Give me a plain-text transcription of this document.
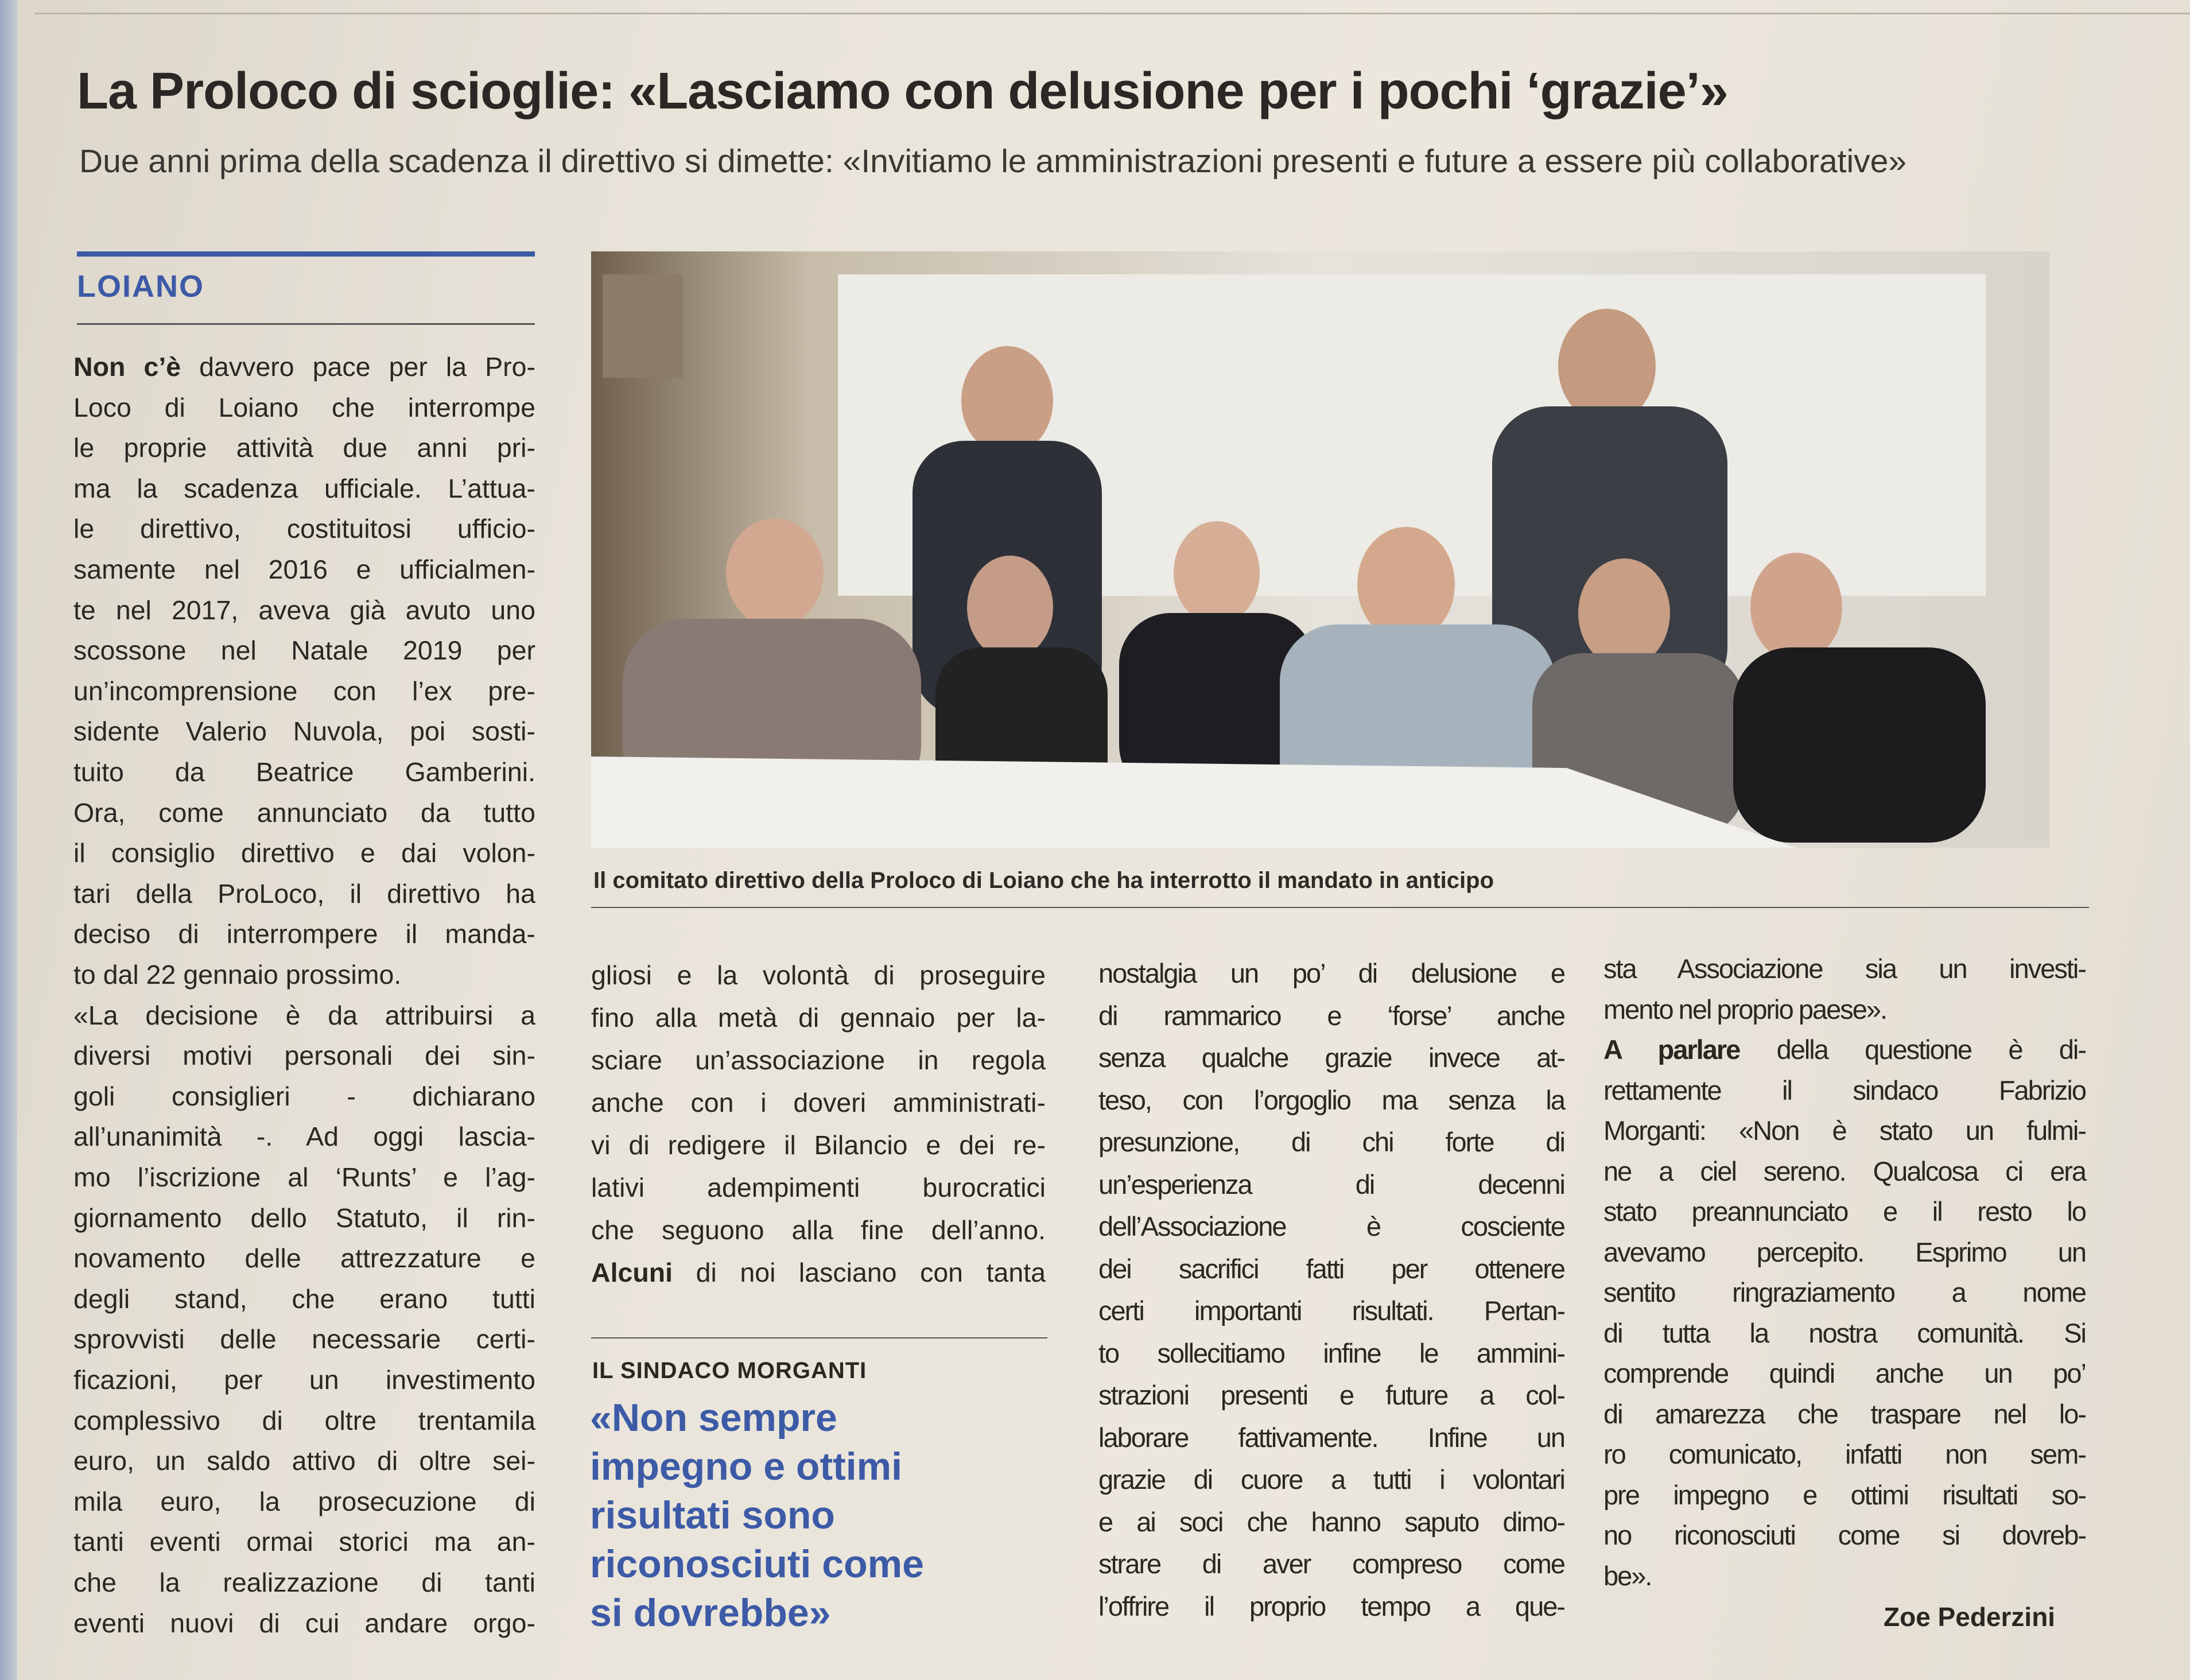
La Proloco di scioglie: «Lasciamo con delusione per i pochi ‘grazie’»
Due anni prima della scadenza il direttivo si dimette: «Invitiamo le amministrazioni presenti e future a essere più collaborative»
LOIANO
Il comitato direttivo della Proloco di Loiano che ha interrotto il mandato in anticipo
Non c’è davvero pace per la Pro-
Loco di Loiano che interrompe
le proprie attività due anni pri-
ma la scadenza ufficiale. L’attua-
le direttivo, costituitosi ufficio-
samente nel 2016 e ufficialmen-
te nel 2017, aveva già avuto uno
scossone nel Natale 2019 per
un’incomprensione con l’ex pre-
sidente Valerio Nuvola, poi sosti-
tuito da Beatrice Gamberini.
Ora, come annunciato da tutto
il consiglio direttivo e dai volon-
tari della ProLoco, il direttivo ha
deciso di interrompere il manda-
to dal 22 gennaio prossimo.
«La decisione è da attribuirsi a
diversi motivi personali dei sin-
goli consiglieri - dichiarano
all’unanimità -. Ad oggi lascia-
mo l’iscrizione al ‘Runts’ e l’ag-
giornamento dello Statuto, il rin-
novamento delle attrezzature e
degli stand, che erano tutti
sprovvisti delle necessarie certi-
ficazioni, per un investimento
complessivo di oltre trentamila
euro, un saldo attivo di oltre sei-
mila euro, la prosecuzione di
tanti eventi ormai storici ma an-
che la realizzazione di tanti
eventi nuovi di cui andare orgo-
gliosi e la volontà di proseguire
fino alla metà di gennaio per la-
sciare un’associazione in regola
anche con i doveri amministrati-
vi di redigere il Bilancio e dei re-
lativi adempimenti burocratici
che seguono alla fine dell’anno.
Alcuni di noi lasciano con tanta
nostalgia un po’ di delusione e
di rammarico e ‘forse’ anche
senza qualche grazie invece at-
teso, con l’orgoglio ma senza la
presunzione, di chi forte di
un’esperienza di decenni
dell’Associazione è cosciente
dei sacrifici fatti per ottenere
certi importanti risultati. Pertan-
to sollecitiamo infine le ammini-
strazioni presenti e future a col-
laborare fattivamente. Infine un
grazie di cuore a tutti i volontari
e ai soci che hanno saputo dimo-
strare di aver compreso come
l’offrire il proprio tempo a que-
sta Associazione sia un investi-
mento nel proprio paese».
A parlare della questione è di-
rettamente il sindaco Fabrizio
Morganti: «Non è stato un fulmi-
ne a ciel sereno. Qualcosa ci era
stato preannunciato e il resto lo
avevamo percepito. Esprimo un
sentito ringraziamento a nome
di tutta la nostra comunità. Si
comprende quindi anche un po’
di amarezza che traspare nel lo-
ro comunicato, infatti non sem-
pre impegno e ottimi risultati so-
no riconosciuti come si dovreb-
be».
IL SINDACO MORGANTI
«Non sempre
impegno e ottimi
risultati sono
riconosciuti come
si dovrebbe»	Zoe Pederzini
